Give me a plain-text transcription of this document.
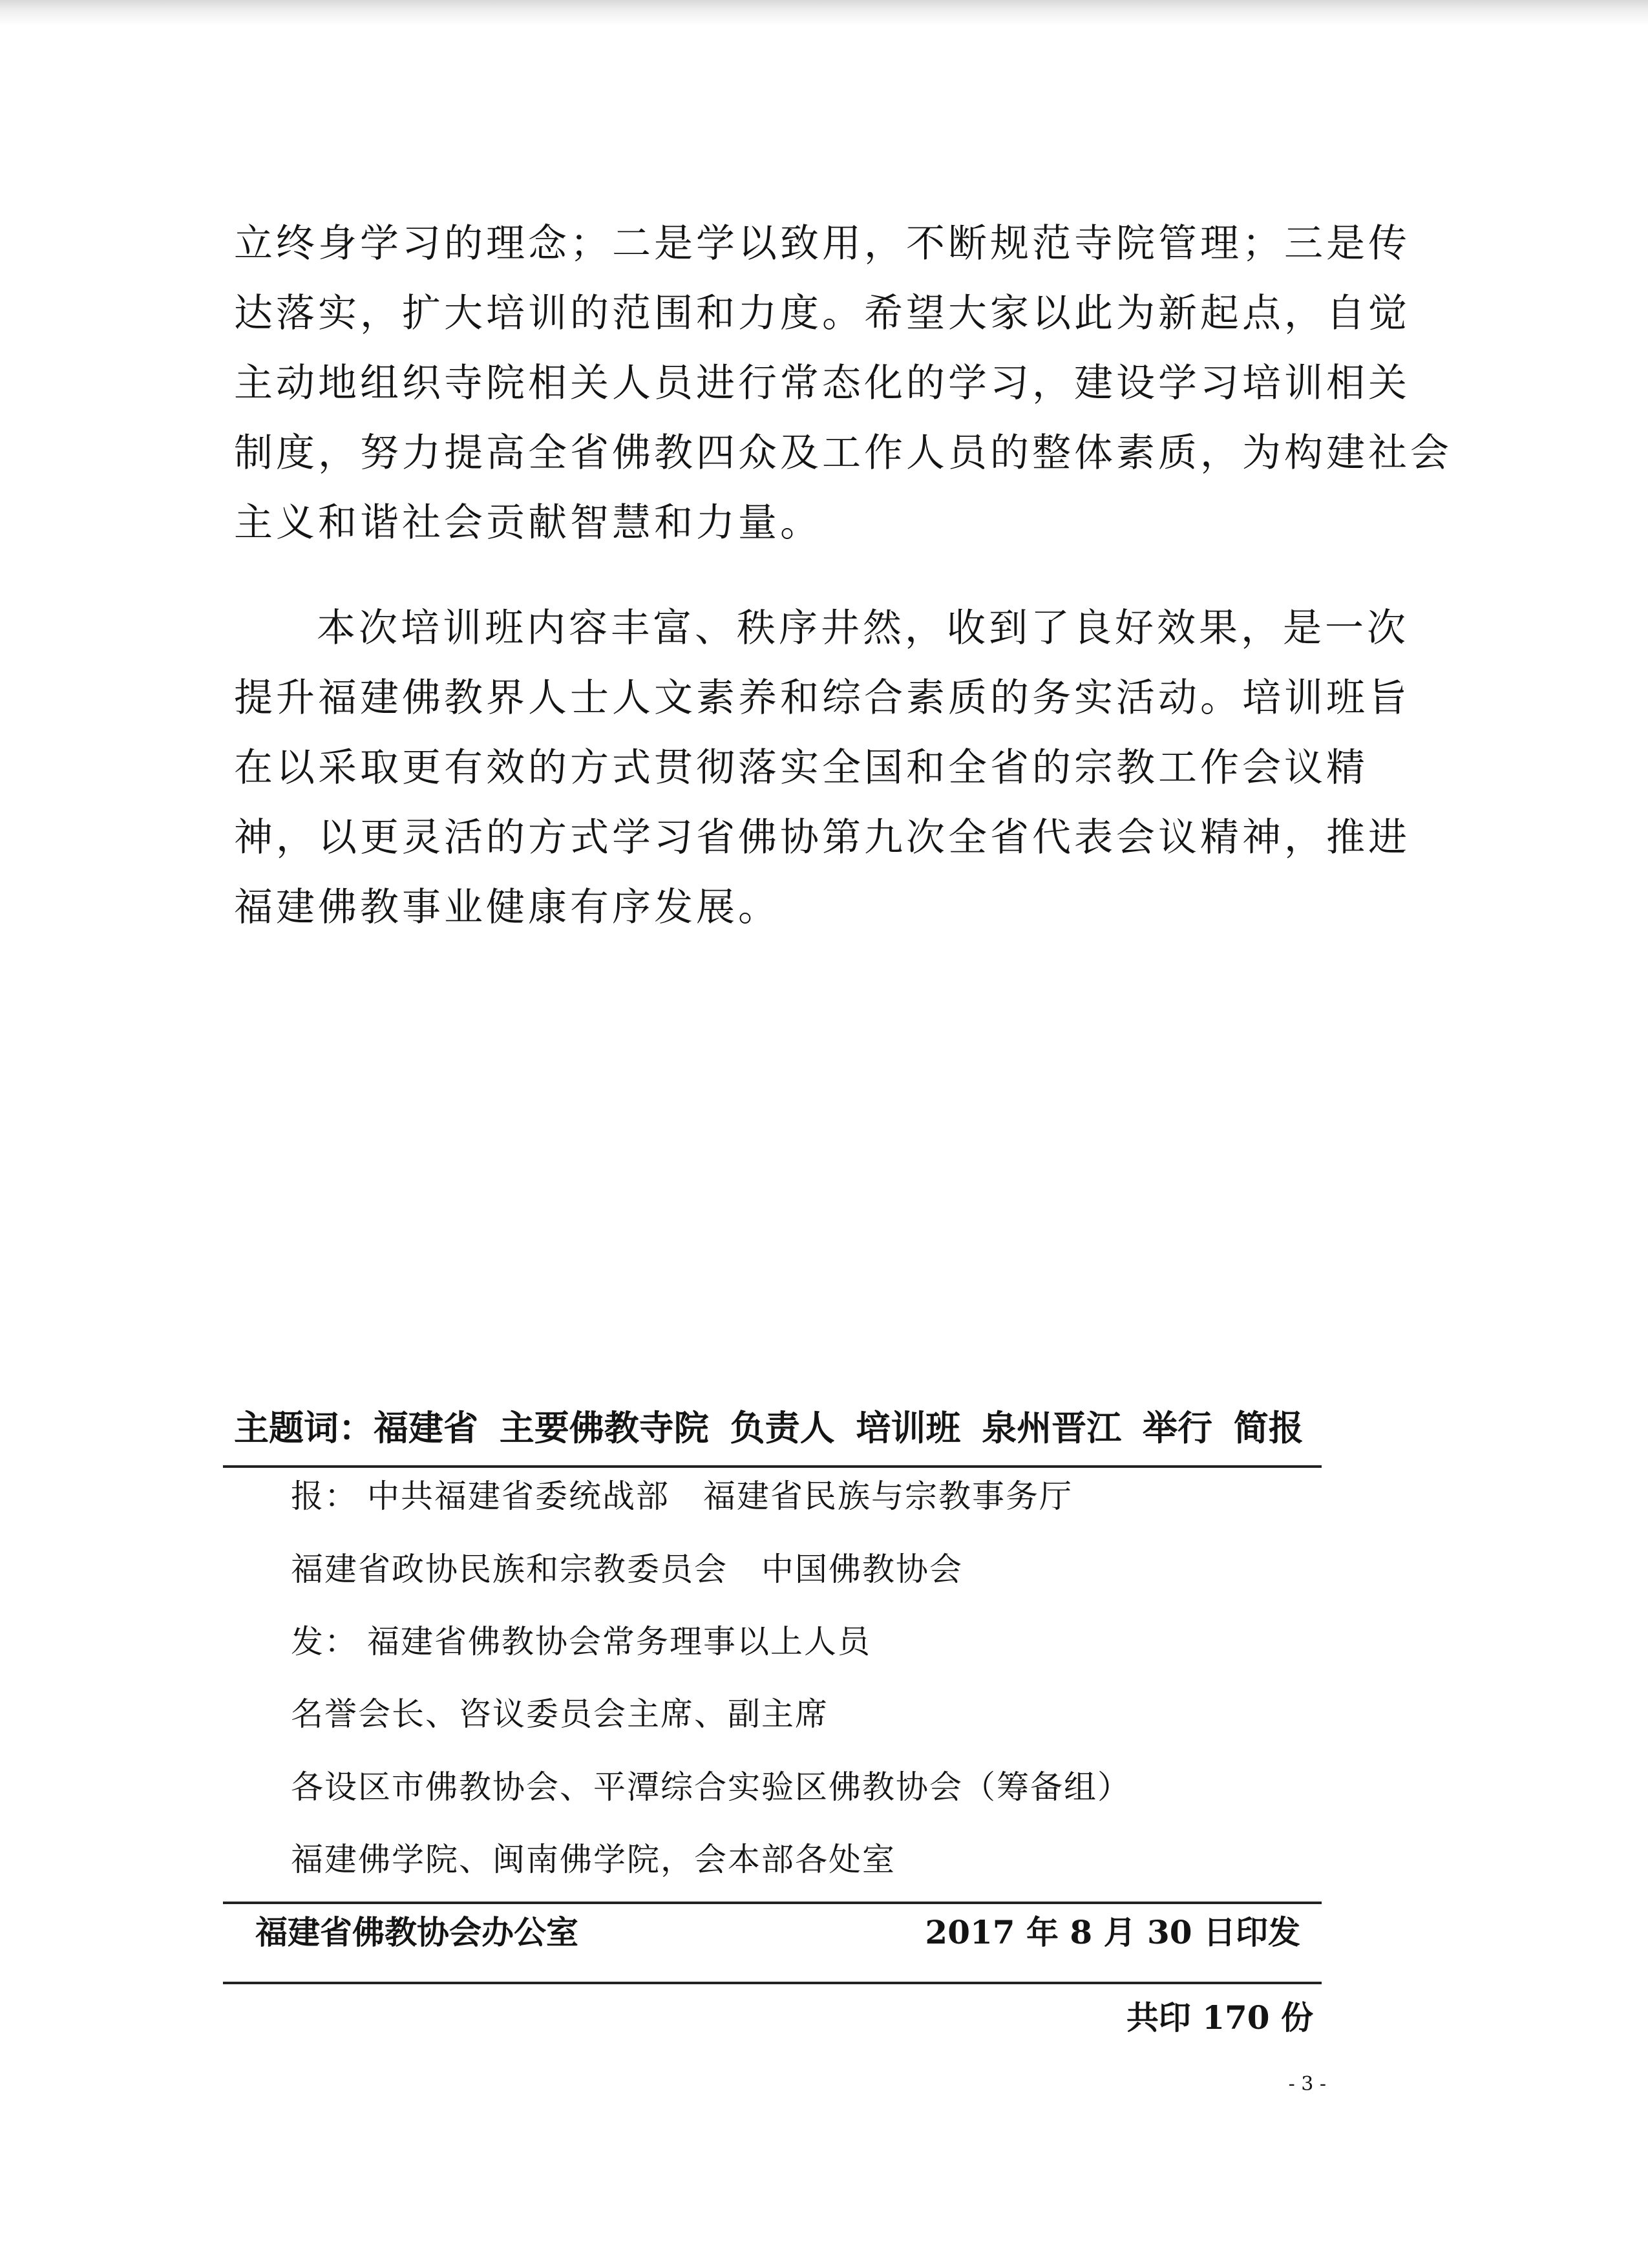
立终身学习的理念；二是学以致用，不断规范寺院管理；三是传
达落实，扩大培训的范围和力度。希望大家以此为新起点，自觉
主动地组织寺院相关人员进行常态化的学习，建设学习培训相关
制度，努力提高全省佛教四众及工作人员的整体素质，为构建社会
主义和谐社会贡献智慧和力量。
本次培训班内容丰富、秩序井然，收到了良好效果，是一次
提升福建佛教界人士人文素养和综合素质的务实活动。培训班旨
在以采取更有效的方式贯彻落实全国和全省的宗教工作会议精
神，以更灵活的方式学习省佛协第九次全省代表会议精神，推进
福建佛教事业健康有序发展。
主题词：福建省 主要佛教寺院 负责人 培训班 泉州晋江 举行 简报
报： 中共福建省委统战部　福建省民族与宗教事务厅
福建省政协民族和宗教委员会　中国佛教协会
发： 福建省佛教协会常务理事以上人员
名誉会长、咨议委员会主席、副主席
各设区市佛教协会、平潭综合实验区佛教协会（筹备组）
福建佛学院、闽南佛学院，会本部各处室
福建省佛教协会办公室	2017 年 8 月 30 日印发
共印 170 份
- 3 -
